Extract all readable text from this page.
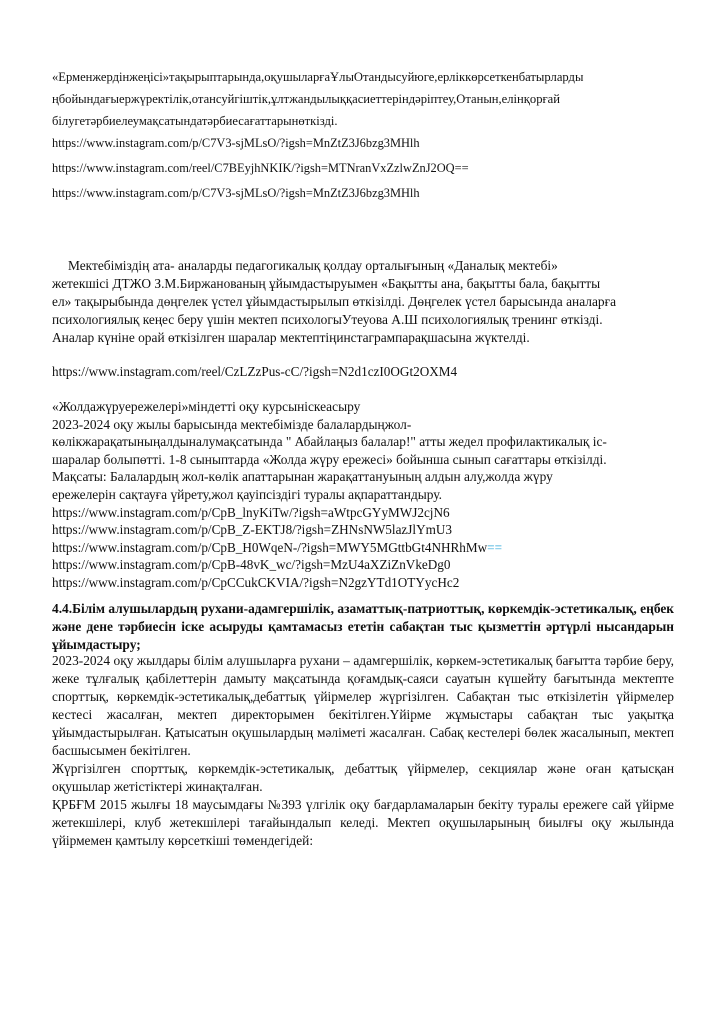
«Ерменжердінжеңісі»тақырыптарында,оқушыларғаҰлыОтандысуйюге,ерліккөрсеткенбатырларды
ңбойындағыержүректілік,отансуйгіштік,ұлтжандылыққасиеттеріндәріптеу,Отанын,елінқорғай
білугетәрбиелеумақсатындатәрбиесағаттарынөткізді.
https://www.instagram.com/p/C7V3-sjMLsO/?igsh=MnZtZ3J6bzg3MHlh
https://www.instagram.com/reel/C7BEyjhNKIK/?igsh=MTNranVxZzlwZnJ2OQ==
https://www.instagram.com/p/C7V3-sjMLsO/?igsh=MnZtZ3J6bzg3MHlh
Мектебіміздің ата- аналарды педагогикалық қолдау орталығының «Даналық мектебі»
жетекшісі ДТЖО З.М.Биржанованың ұйымдастыруымен «Бақытты ана, бақытты бала, бақытты
ел» тақырыбында дөңгелек үстел ұйымдастырылып өткізілді. Дөңгелек үстел барысында аналарға
психологиялық кеңес беру үшін мектеп психологыУтеуова А.Ш психологиялық тренинг өткізді.
Аналар күніне орай өткізілген шаралар мектептіңинстагрампарақшасына жүктелді.
https://www.instagram.com/reel/CzLZzPus-cC/?igsh=N2d1czI0OGt2OXM4
«Жолдажүруережелері»міндетті оқу курсыніскеасыру
2023-2024 оқу жылы барысында мектебімізде балалардыңжол-
көлікжарақатыныңалдыналумақсатында " Абайлаңыз балалар!" атты жедел профилактикалық іс-
шаралар болыпөтті. 1-8 сыныптарда «Жолда жүру ережесі» бойынша сынып сағаттары өткізілді.
Мақсаты: Балалардың жол-көлік апаттарынан жарақаттануының алдын алу,жолда жүру
ережелерін сақтауға үйрету,жол қауіпсіздігі туралы ақпараттандыру.
https://www.instagram.com/p/CpB_lnyKiTw/?igsh=aWtpcGYyMWJ2cjN6
https://www.instagram.com/p/CpB_Z-EKTJ8/?igsh=ZHNsNW5lazJlYmU3
https://www.instagram.com/p/CpB_H0WqeN-/?igsh=MWY5MGttbGt4NHRhMw==
https://www.instagram.com/p/CpB-48vK_wc/?igsh=MzU4aXZiZnVkeDg0
https://www.instagram.com/p/CpCCukCKVIA/?igsh=N2gzYTd1OTYycHc2
4.4.Білім алушылардың рухани-адамгершілік, азаматтық-патриоттық, көркемдік-эстетикалық, еңбек және дене тәрбиесін іске асыруды қамтамасыз ететін сабақтан тыс қызметтін әртүрлі нысандарын ұйымдастыру;
2023-2024 оқу жылдары білім алушыларға рухани – адамгершілік, көркем-эстетикалық бағытта тәрбие беру, жеке тұлғалық қабілеттерін дамыту мақсатында қоғамдық-саяси сауатын күшейту бағытында мектепте спорттық, көркемдік-эстетикалық,дебаттық үйірмелер жүргізілген. Сабақтан тыс өткізілетін үйірмелер кестесі жасалған, мектеп директорымен бекітілген.Үйірме жұмыстары сабақтан тыс уақытқа ұйымдастырылған. Қатысатын оқушылардың мәліметі жасалған. Сабақ кестелері бөлек жасалынып, мектеп басшысымен бекітілген.
Жүргізілген спорттық, көркемдік-эстетикалық, дебаттық үйірмелер, секциялар және оған қатысқан оқушылар жетістіктері жинақталған.
ҚРБҒМ 2015 жылғы 18 маусымдағы №393 үлгілік оқу бағдарламаларын бекіту туралы ережеге сай үйірме жетекшілері, клуб жетекшілері тағайындалып келеді. Мектеп оқушыларының биылғы оқу жылында үйірмемен қамтылу көрсеткіші төмендегідей:
